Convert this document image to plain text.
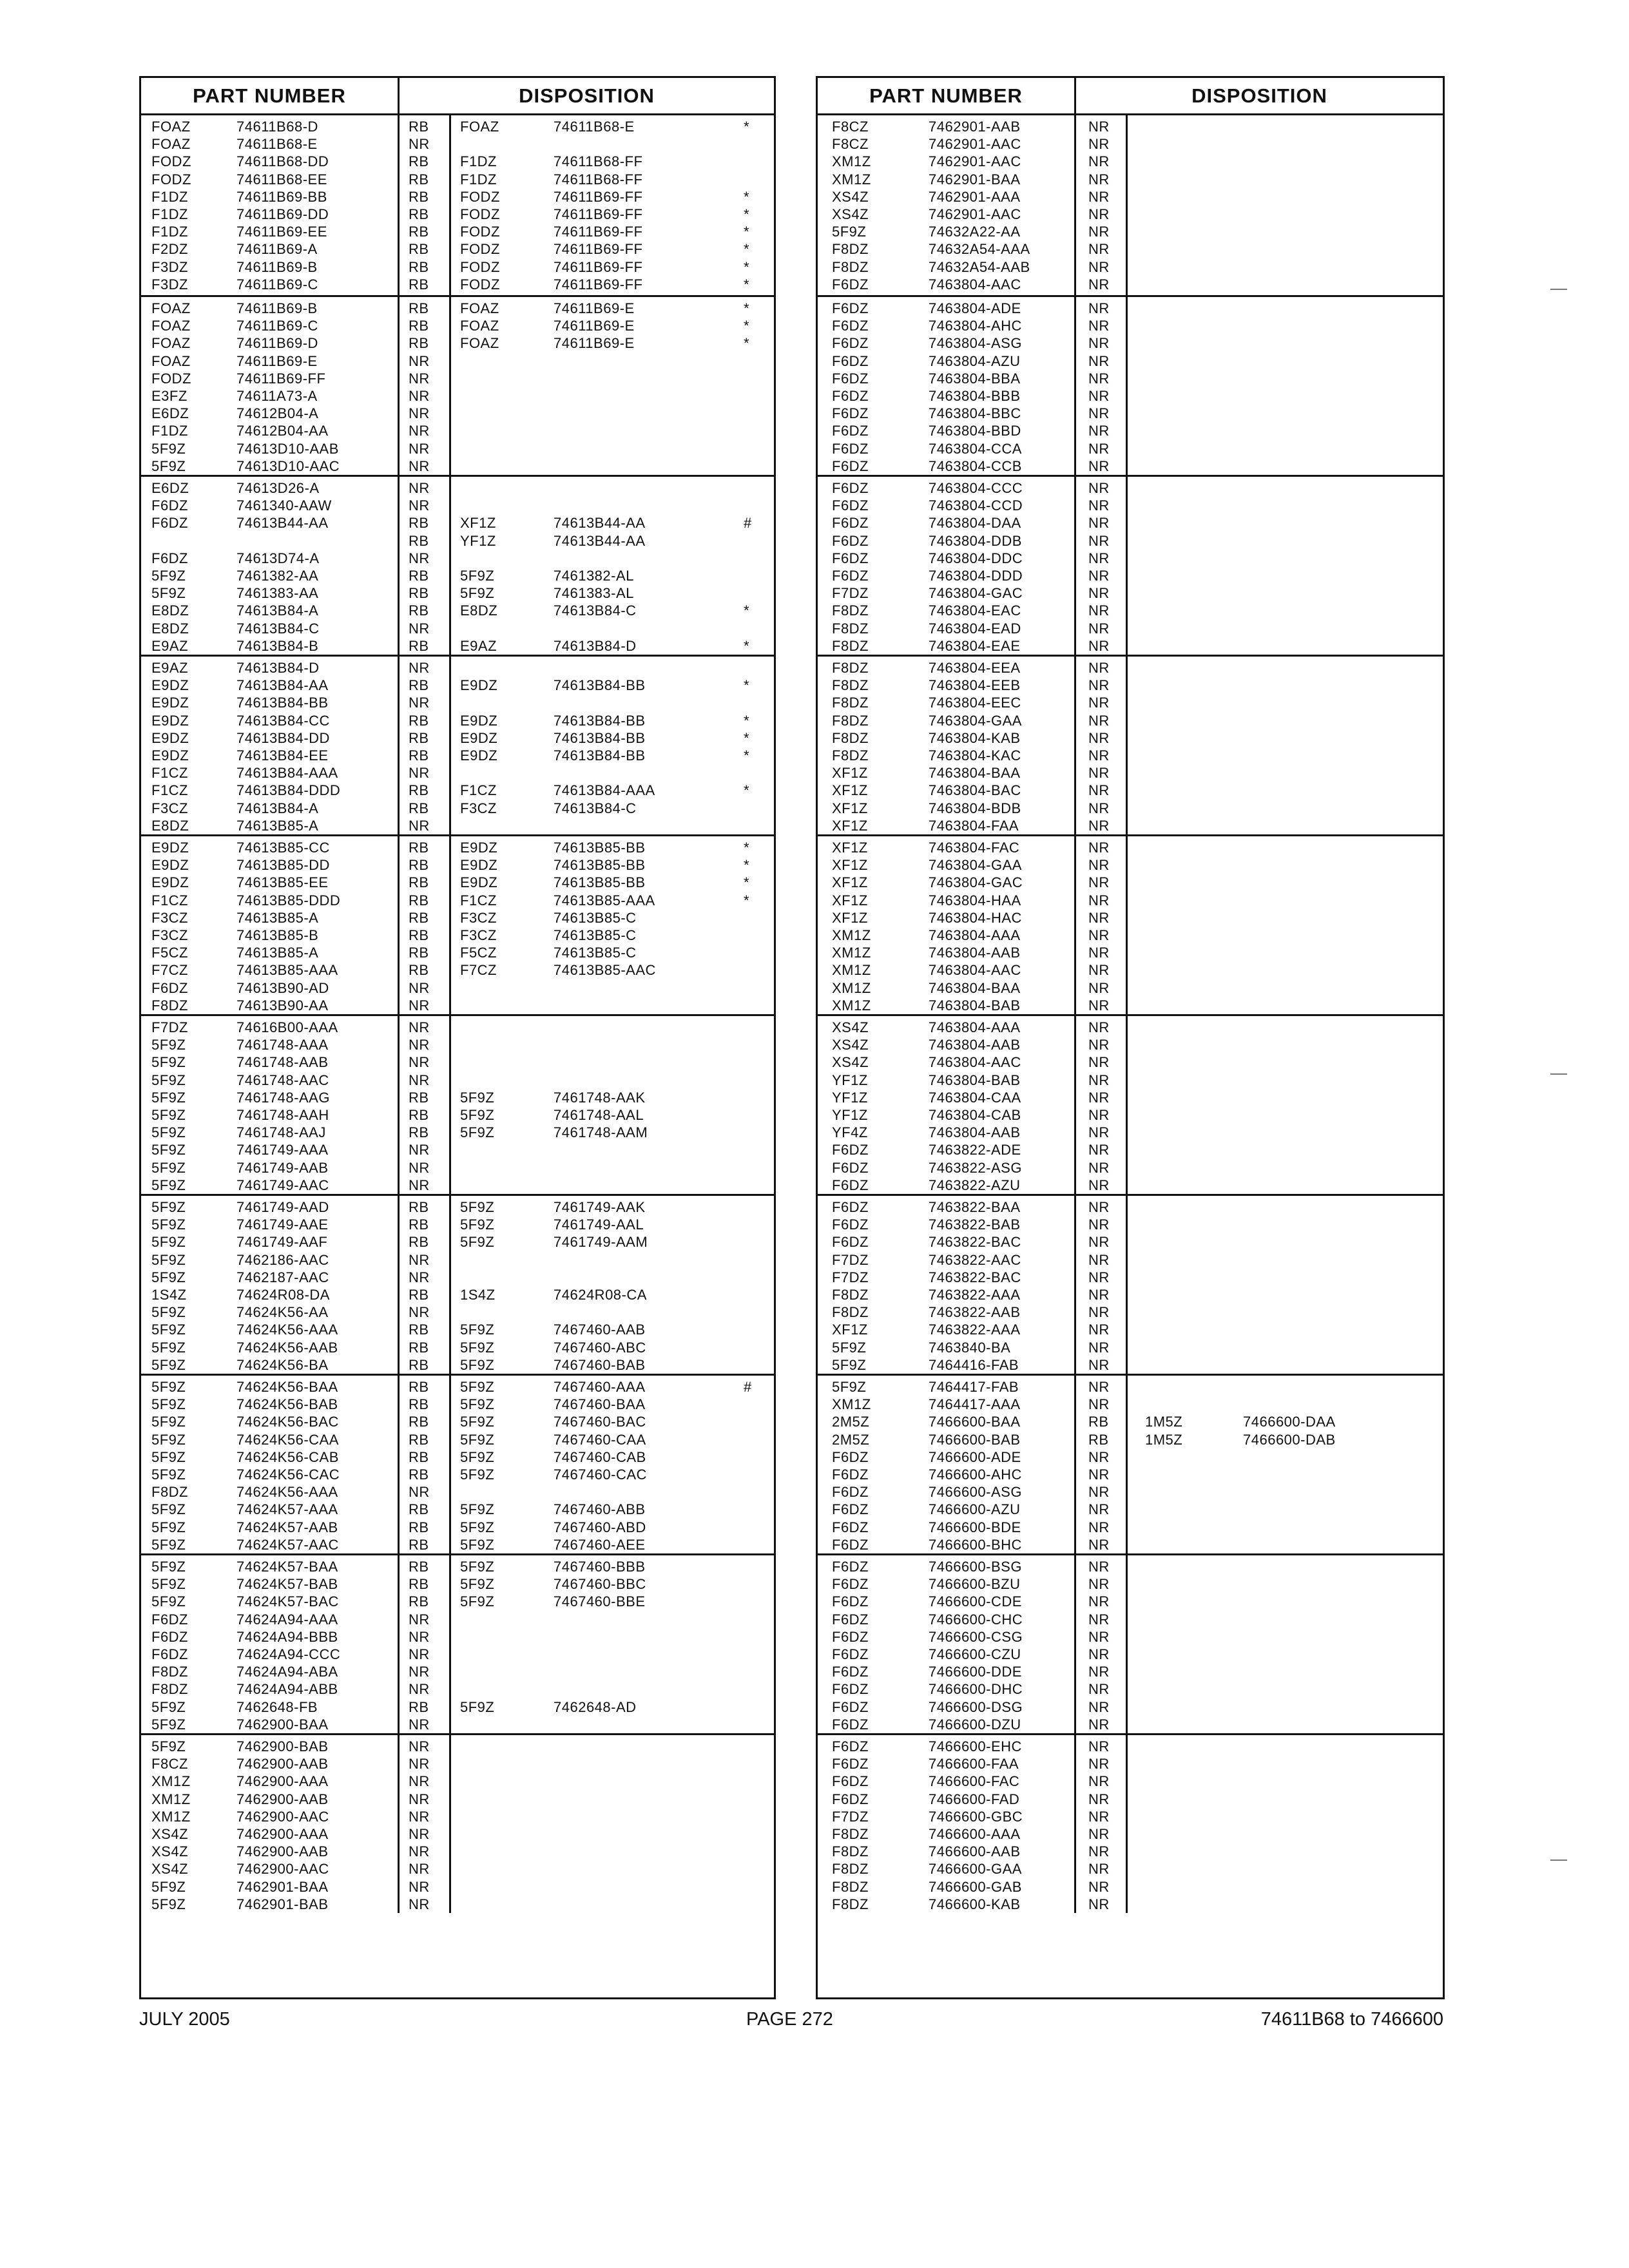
PART NUMBER	DISPOSITION
FOAZ	74611B68-D	RB FOAZ	74611B68-E	*
FOAZ	74611B68-E	NR
FODZ	74611B68-DD	RB F1DZ	74611B68-FF
FODZ	74611B68-EE	RB F1DZ	74611B68-FF
F1DZ	74611B69-BB	RB FODZ	74611B69-FF	*
F1DZ	74611B69-DD	RB FODZ	74611B69-FF	*
F1DZ	74611B69-EE	RB FODZ	74611B69-FF	*
F2DZ	74611B69-A	RB FODZ	74611B69-FF	*
F3DZ	74611B69-B	RB FODZ	74611B69-FF	*
F3DZ	74611B69-C	RB FODZ	74611B69-FF	*
FOAZ	74611B69-B	RB FOAZ	74611B69-E	*
FOAZ	74611B69-C	RB FOAZ	74611B69-E	*
FOAZ	74611B69-D	RB FOAZ	74611B69-E	*
FOAZ	74611B69-E	NR
FODZ	74611B69-FF	NR
E3FZ	74611A73-A	NR
E6DZ	74612B04-A	NR
F1DZ	74612B04-AA	NR
5F9Z	74613D10-AAB	NR
5F9Z	74613D10-AAC	NR
E6DZ	74613D26-A	NR
F6DZ	7461340-AAW	NR
F6DZ	74613B44-AA	RB XF1Z	74613B44-AA	#
RB YF1Z	74613B44-AA
F6DZ	74613D74-A	NR
5F9Z	7461382-AA	RB 5F9Z	7461382-AL
5F9Z	7461383-AA	RB 5F9Z	7461383-AL
E8DZ	74613B84-A	RB E8DZ	74613B84-C	*
E8DZ	74613B84-C	NR
E9AZ	74613B84-B	RB E9AZ	74613B84-D	*
E9AZ	74613B84-D	NR
E9DZ	74613B84-AA	RB E9DZ	74613B84-BB	*
E9DZ	74613B84-BB	NR
E9DZ	74613B84-CC	RB E9DZ	74613B84-BB	*
E9DZ	74613B84-DD	RB E9DZ	74613B84-BB	*
E9DZ	74613B84-EE	RB E9DZ	74613B84-BB	*
F1CZ	74613B84-AAA	NR
F1CZ	74613B84-DDD	RB F1CZ	74613B84-AAA	*
F3CZ	74613B84-A	RB F3CZ	74613B84-C
E8DZ	74613B85-A	NR
E9DZ	74613B85-CC	RB E9DZ	74613B85-BB	*
E9DZ	74613B85-DD	RB E9DZ	74613B85-BB	*
E9DZ	74613B85-EE	RB E9DZ	74613B85-BB	*
F1CZ	74613B85-DDD	RB F1CZ	74613B85-AAA	*
F3CZ	74613B85-A	RB F3CZ	74613B85-C
F3CZ	74613B85-B	RB F3CZ	74613B85-C
F5CZ	74613B85-A	RB F5CZ	74613B85-C
F7CZ	74613B85-AAA	RB F7CZ	74613B85-AAC
F6DZ	74613B90-AD	NR
F8DZ	74613B90-AA	NR
F7DZ	74616B00-AAA	NR
5F9Z	7461748-AAA	NR
5F9Z	7461748-AAB	NR
5F9Z	7461748-AAC	NR
5F9Z	7461748-AAG	RB 5F9Z	7461748-AAK
5F9Z	7461748-AAH	RB 5F9Z	7461748-AAL
5F9Z	7461748-AAJ	RB 5F9Z	7461748-AAM
5F9Z	7461749-AAA	NR
5F9Z	7461749-AAB	NR
5F9Z	7461749-AAC	NR
5F9Z	7461749-AAD	RB 5F9Z	7461749-AAK
5F9Z	7461749-AAE	RB 5F9Z	7461749-AAL
5F9Z	7461749-AAF	RB 5F9Z	7461749-AAM
5F9Z	7462186-AAC	NR
5F9Z	7462187-AAC	NR
1S4Z	74624R08-DA	RB 1S4Z	74624R08-CA
5F9Z	74624K56-AA	NR
5F9Z	74624K56-AAA	RB 5F9Z	7467460-AAB
5F9Z	74624K56-AAB	RB 5F9Z	7467460-ABC
5F9Z	74624K56-BA	RB 5F9Z	7467460-BAB
5F9Z	74624K56-BAA	RB 5F9Z	7467460-AAA	#
5F9Z	74624K56-BAB	RB 5F9Z	7467460-BAA
5F9Z	74624K56-BAC	RB 5F9Z	7467460-BAC
5F9Z	74624K56-CAA	RB 5F9Z	7467460-CAA
5F9Z	74624K56-CAB	RB 5F9Z	7467460-CAB
5F9Z	74624K56-CAC	RB 5F9Z	7467460-CAC
F8DZ	74624K56-AAA	NR
5F9Z	74624K57-AAA	RB 5F9Z	7467460-ABB
5F9Z	74624K57-AAB	RB 5F9Z	7467460-ABD
5F9Z	74624K57-AAC	RB 5F9Z	7467460-AEE
5F9Z	74624K57-BAA	RB 5F9Z	7467460-BBB
5F9Z	74624K57-BAB	RB 5F9Z	7467460-BBC
5F9Z	74624K57-BAC	RB 5F9Z	7467460-BBE
F6DZ	74624A94-AAA	NR
F6DZ	74624A94-BBB	NR
F6DZ	74624A94-CCC	NR
F8DZ	74624A94-ABA	NR
F8DZ	74624A94-ABB	NR
5F9Z	7462648-FB	RB 5F9Z	7462648-AD
5F9Z	7462900-BAA	NR
5F9Z	7462900-BAB	NR
F8CZ	7462900-AAB	NR
XM1Z	7462900-AAA	NR
XM1Z	7462900-AAB	NR
XM1Z	7462900-AAC	NR
XS4Z	7462900-AAA	NR
XS4Z	7462900-AAB	NR
XS4Z	7462900-AAC	NR
5F9Z	7462901-BAA	NR
5F9Z	7462901-BAB	NR
PART NUMBER	DISPOSITION
F8CZ	7462901-AAB	NR
F8CZ	7462901-AAC	NR
XM1Z	7462901-AAC	NR
XM1Z	7462901-BAA	NR
XS4Z	7462901-AAA	NR
XS4Z	7462901-AAC	NR
5F9Z	74632A22-AA	NR
F8DZ	74632A54-AAA	NR
F8DZ	74632A54-AAB	NR
F6DZ	7463804-AAC	NR
F6DZ	7463804-ADE	NR
F6DZ	7463804-AHC	NR
F6DZ	7463804-ASG	NR
F6DZ	7463804-AZU	NR
F6DZ	7463804-BBA	NR
F6DZ	7463804-BBB	NR
F6DZ	7463804-BBC	NR
F6DZ	7463804-BBD	NR
F6DZ	7463804-CCA	NR
F6DZ	7463804-CCB	NR
F6DZ	7463804-CCC	NR
F6DZ	7463804-CCD	NR
F6DZ	7463804-DAA	NR
F6DZ	7463804-DDB	NR
F6DZ	7463804-DDC	NR
F6DZ	7463804-DDD	NR
F7DZ	7463804-GAC	NR
F8DZ	7463804-EAC	NR
F8DZ	7463804-EAD	NR
F8DZ	7463804-EAE	NR
F8DZ	7463804-EEA	NR
F8DZ	7463804-EEB	NR
F8DZ	7463804-EEC	NR
F8DZ	7463804-GAA	NR
F8DZ	7463804-KAB	NR
F8DZ	7463804-KAC	NR
XF1Z	7463804-BAA	NR
XF1Z	7463804-BAC	NR
XF1Z	7463804-BDB	NR
XF1Z	7463804-FAA	NR
XF1Z	7463804-FAC	NR
XF1Z	7463804-GAA	NR
XF1Z	7463804-GAC	NR
XF1Z	7463804-HAA	NR
XF1Z	7463804-HAC	NR
XM1Z	7463804-AAA	NR
XM1Z	7463804-AAB	NR
XM1Z	7463804-AAC	NR
XM1Z	7463804-BAA	NR
XM1Z	7463804-BAB	NR
XS4Z	7463804-AAA	NR
XS4Z	7463804-AAB	NR
XS4Z	7463804-AAC	NR
YF1Z	7463804-BAB	NR
YF1Z	7463804-CAA	NR
YF1Z	7463804-CAB	NR
YF4Z	7463804-AAB	NR
F6DZ	7463822-ADE	NR
F6DZ	7463822-ASG	NR
F6DZ	7463822-AZU	NR
F6DZ	7463822-BAA	NR
F6DZ	7463822-BAB	NR
F6DZ	7463822-BAC	NR
F7DZ	7463822-AAC	NR
F7DZ	7463822-BAC	NR
F8DZ	7463822-AAA	NR
F8DZ	7463822-AAB	NR
XF1Z	7463822-AAA	NR
5F9Z	7463840-BA	NR
5F9Z	7464416-FAB	NR
5F9Z	7464417-FAB	NR
XM1Z	7464417-AAA	NR
2M5Z	7466600-BAA	RB	1M5Z	7466600-DAA
2M5Z	7466600-BAB	RB	1M5Z	7466600-DAB
F6DZ	7466600-ADE	NR
F6DZ	7466600-AHC	NR
F6DZ	7466600-ASG	NR
F6DZ	7466600-AZU	NR
F6DZ	7466600-BDE	NR
F6DZ	7466600-BHC	NR
F6DZ	7466600-BSG	NR
F6DZ	7466600-BZU	NR
F6DZ	7466600-CDE	NR
F6DZ	7466600-CHC	NR
F6DZ	7466600-CSG	NR
F6DZ	7466600-CZU	NR
F6DZ	7466600-DDE	NR
F6DZ	7466600-DHC	NR
F6DZ	7466600-DSG	NR
F6DZ	7466600-DZU	NR
F6DZ	7466600-EHC	NR
F6DZ	7466600-FAA	NR
F6DZ	7466600-FAC	NR
F6DZ	7466600-FAD	NR
F7DZ	7466600-GBC	NR
F8DZ	7466600-AAA	NR
F8DZ	7466600-AAB	NR
F8DZ	7466600-GAA	NR
F8DZ	7466600-GAB	NR
F8DZ	7466600-KAB	NR
JULY 2005	PAGE 272	74611B68 to 7466600
